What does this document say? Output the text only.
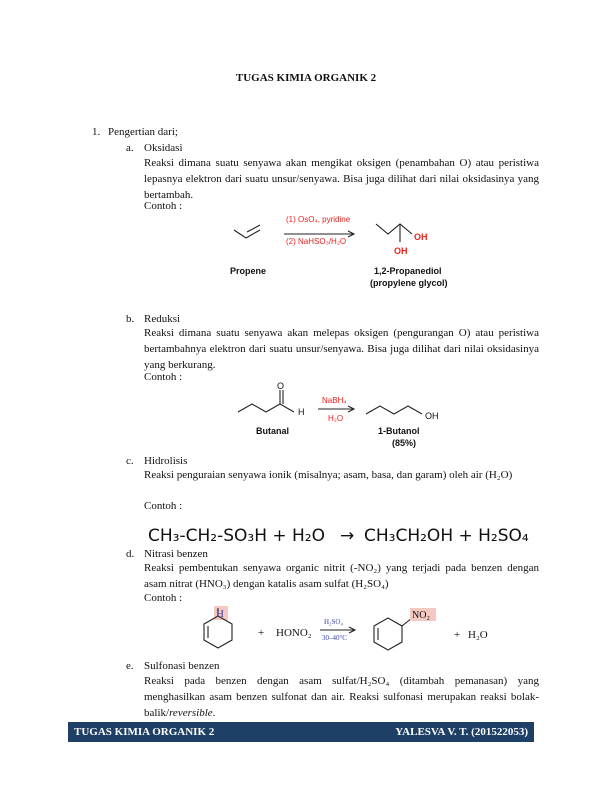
TUGAS KIMIA ORGANIK 2
1. Pengertian dari;
a. Oksidasi
Reaksi dimana suatu senyawa akan mengikat oksigen (penambahan O) atau peristiwa lepasnya elektron dari suatu unsur/senyawa. Bisa juga dilihat dari nilai oksidasinya yang bertambah.
Contoh :
(1) OsO₄, pyridine
(2) NaHSO₃/H₂O	OH
OH
Propene	1,2-Propanediol
(propylene glycol)
b. Reduksi
Reaksi dimana suatu senyawa akan melepas oksigen (pengurangan O) atau peristiwa bertambahnya elektron dari suatu unsur/senyawa. Bisa juga dilihat dari nilai oksidasinya yang berkurang.
Contoh :
O
H
NaBH₄
H₂O	OH
Butanal	1-Butanol
(85%)
c. Hidrolisis
Reaksi penguraian senyawa ionik (misalnya; asam, basa, dan garam) oleh air (H₂O)
Contoh :
CH₃-CH₂-SO₃H + H₂O → CH₃CH₂OH + H₂SO₄
d. Nitrasi benzen
Reaksi pembentukan senyawa organic nitrit (-NO₂) yang terjadi pada benzen dengan asam nitrat (HNO₃) dengan katalis asam sulfat (H₂SO₄)
Contoh :
H
+ HONO₂
H₂SO₄
30–40°C
NO₂
+ H₂O
e. Sulfonasi benzen
Reaksi pada benzen dengan asam sulfat/H₂SO₄ (ditambah pemanasan) yang menghasilkan asam benzen sulfonat dan air. Reaksi sulfonasi merupakan reaksi bolak-balik/reversible.
TUGAS KIMIA ORGANIK 2	YALESVA V. T. (201522053)
